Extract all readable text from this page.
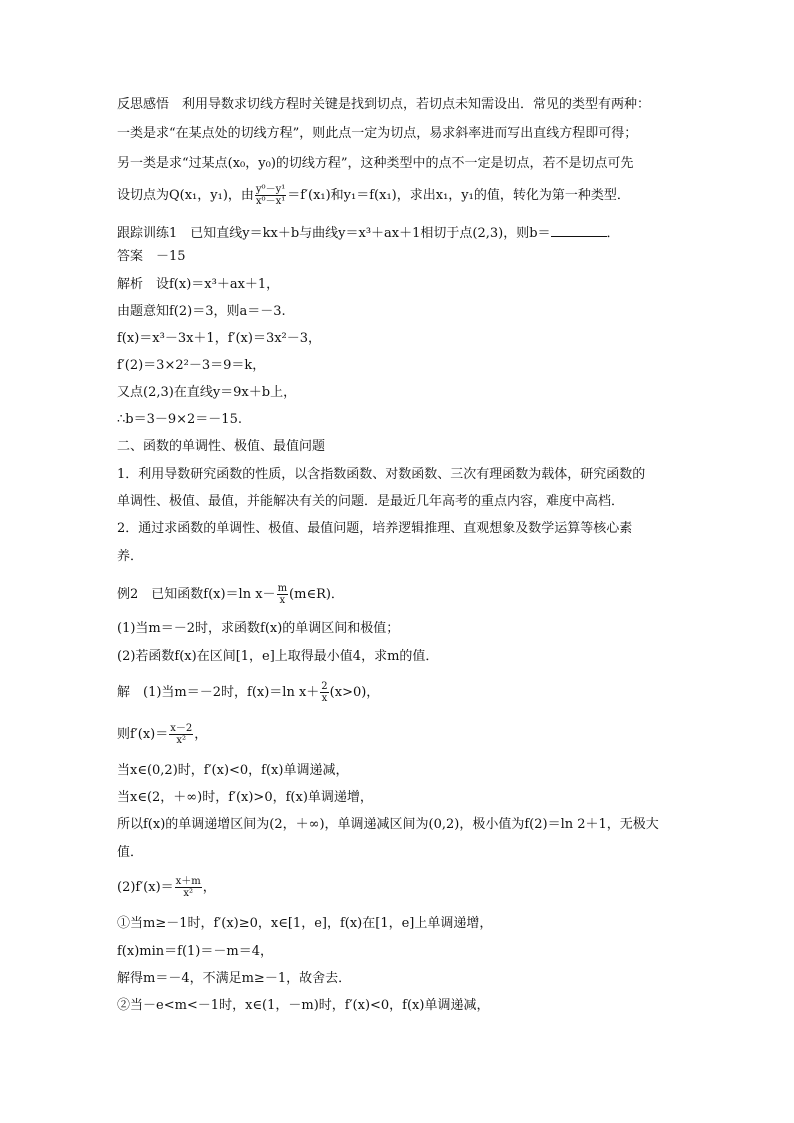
反思感悟　利用导数求切线方程时关键是找到切点，若切点未知需设出．常见的类型有两种：
一类是求“在某点处的切线方程”，则此点一定为切点，易求斜率进而写出直线方程即可得；
另一类是求“过某点(x₀，y₀)的切线方程”，这种类型中的点不一定是切点，若不是切点可先
设切点为Q(x₁，y₁)，由 $\frac{\text{y⁰－y¹}}{\text{x⁰－x¹}} =f'(x_1)$和y₁＝f(x₁)，求出x₁，y₁的值，转化为第一种类型．
跟踪训练1　已知直线y＝kx＋b与曲线y＝x³＋ax＋1相切于点(2,3)，则b＝	．
答案　－15
解析　设f(x)＝x³＋ax＋1，
由题意知f(2)＝3，则a＝－3.
f(x)＝x³－3x＋1，f′(x)＝3x²－3，
f′(2)＝3×2²－3＝9＝k，
又点(2,3)在直线y＝9x＋b上，
∴b＝3－9×2＝－15.
二、函数的单调性、极值、最值问题
1．利用导数研究函数的性质，以含指数函数、对数函数、三次有理函数为载体，研究函数的
单调性、极值、最值，并能解决有关的问题．是最近几年高考的重点内容，难度中高档．
2．通过求函数的单调性、极值、最值问题，培养逻辑推理、直观想象及数学运算等核心素
养．
例2　已知函数f(x)＝ln $x- \frac{m}{x}$ (m∈R)．
(1)当m＝－2时，求函数f(x)的单调区间和极值；
(2)若函数f(x)在区间[1，e]上取得最小值4，求m的值．
解　(1)当m＝－2时，f(x)＝ln $x+ \frac{2}{x} (x>0)$，
则$f'(x)= \frac{x-2}{\text{x²}}$ ，
当x∈(0,2)时，f′(x)<0，f(x)单调递减，
当x∈(2，＋∞)时，f′(x)>0，f(x)单调递增，
所以f(x)的单调递增区间为(2，＋∞)，单调递减区间为(0,2)，极小值为f(2)＝ln 2＋1，无极大
值．
$(2)f'(x)= \frac{x+m}{\text{x²}}$ ，
①当m≥－1时，f′(x)≥0，x∈[1，e]，f(x)在[1，e]上单调递增，
f(x)min＝f(1)＝－m＝4，
解得m＝－4，不满足m≥－1，故舍去．
②当－e<m<－1时，x∈(1，－m)时，f′(x)<0，f(x)单调递减，
